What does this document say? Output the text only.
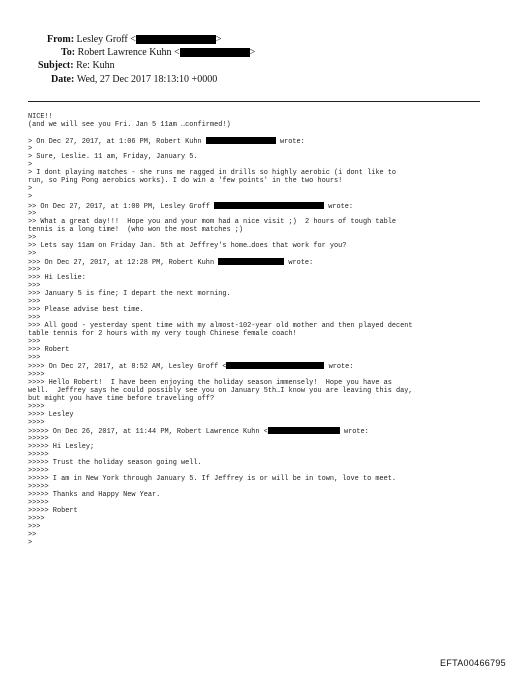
From: Lesley Groff <	>
To: Robert Lawrence Kuhn <	>
Subject: Re: Kuhn
Date: Wed, 27 Dec 2017 18:13:10 +0000
NICE!!
(and we will see you Fri. Jan 5 11am …confirmed!)
> On Dec 27, 2017, at 1:06 PM, Robert Kuhn	wrote:
>
> Sure, Leslie. 11 am, Friday, January 5.
>
> I dont playing matches - she runs me ragged in drills so highly aerobic (i dont like to
run, so Ping Pong aerobics works). I do win a 'few points' in the two hours!
>
>
>> On Dec 27, 2017, at 1:00 PM, Lesley Groff	wrote:
>>
>> What a great day!!!  Hope you and your mom had a nice visit ;)  2 hours of tough table
tennis is a long time!  (who won the most matches ;)
>>
>> Lets say 11am on Friday Jan. 5th at Jeffrey's home…does that work for you?
>>
>>> On Dec 27, 2017, at 12:28 PM, Robert Kuhn	wrote:
>>>
>>> Hi Leslie:
>>>
>>> January 5 is fine; I depart the next morning.
>>>
>>> Please advise best time.
>>>
>>> All good - yesterday spent time with my almost-102-year old mother and then played decent
table tennis for 2 hours with my very tough Chinese female coach!
>>>
>>> Robert
>>>
>>>> On Dec 27, 2017, at 8:52 AM, Lesley Groff <	wrote:
>>>>
>>>> Hello Robert!  I have been enjoying the holiday season immensely!  Hope you have as
well.  Jeffrey says he could possibly see you on January 5th…I know you are leaving this day,
but might you have time before traveling off?
>>>>
>>>> Lesley
>>>>
>>>>> On Dec 26, 2017, at 11:44 PM, Robert Lawrence Kuhn <	wrote:
>>>>>
>>>>> Hi Lesley;
>>>>>
>>>>> Trust the holiday season going well.
>>>>>
>>>>> I am in New York through January 5. If Jeffrey is or will be in town, love to meet.
>>>>>
>>>>> Thanks and Happy New Year.
>>>>>
>>>>> Robert
>>>>
>>>
>>
>
EFTA00466795
